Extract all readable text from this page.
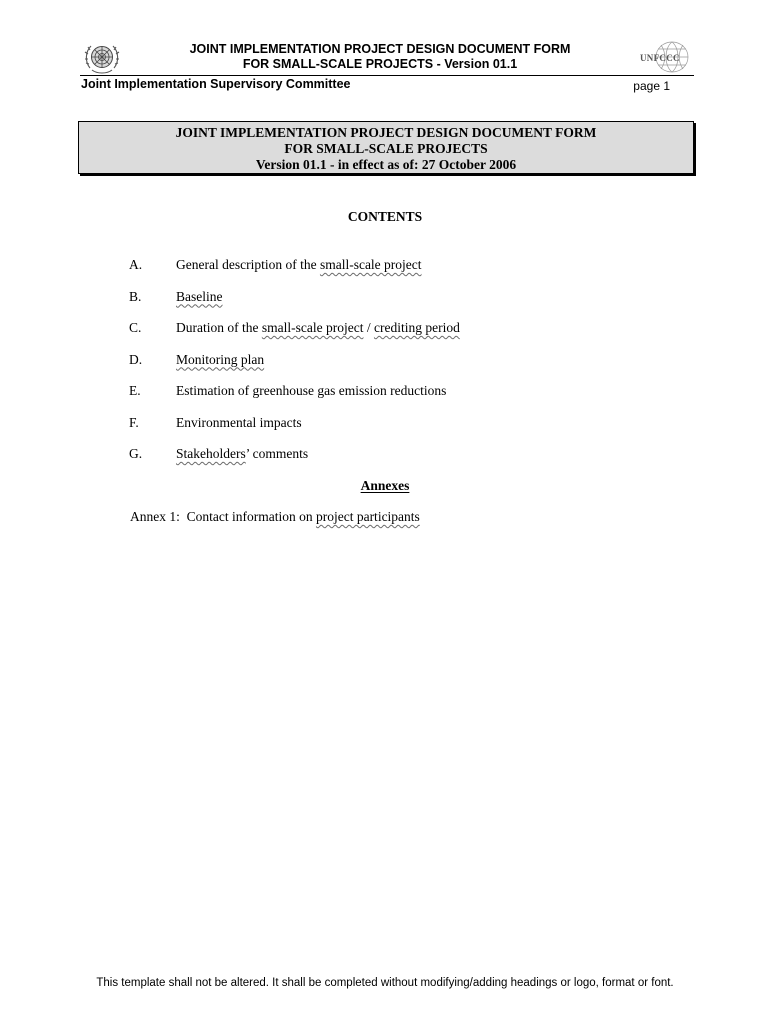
JOINT IMPLEMENTATION PROJECT DESIGN DOCUMENT FORM
FOR SMALL-SCALE PROJECTS - Version 01.1	UNFCCC
Joint Implementation Supervisory Committee	page 1
JOINT IMPLEMENTATION PROJECT DESIGN DOCUMENT FORM
FOR SMALL-SCALE PROJECTS
Version 01.1 - in effect as of: 27 October 2006
CONTENTS
A.	General description of the small-scale project
B.	Baseline
C.	Duration of the small-scale project / crediting period
D.	Monitoring plan
E.	Estimation of greenhouse gas emission reductions
F.	Environmental impacts
G.	Stakeholders’ comments
Annexes
Annex 1:  Contact information on project participants
This template shall not be altered. It shall be completed without modifying/adding headings or logo, format or font.
